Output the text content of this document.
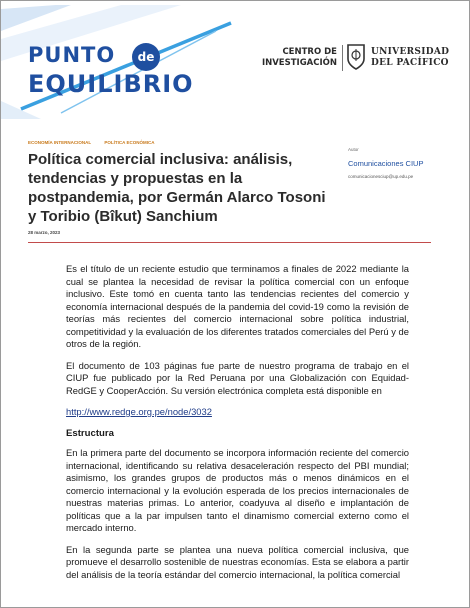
PUNTO	de
EQUILIBRIO
CENTRO DE
INVESTIGACIÓN
UNIVERSIDAD
DEL PACÍFICO
ECONOMÍA INTERNACIONAL	POLÍTICA ECONÓMICA
Política comercial inclusiva: análisis, tendencias y propuestas en la postpandemia, por Germán Alarco Tosoni y Toribio (Bîkut) Sanchium
28 marzo, 2023
Autor
Comunicaciones CIUP
comunicacionesciup@up.edu.pe

Es el título de un reciente estudio que terminamos a finales de 2022 mediante la cual se plantea la necesidad de revisar la política comercial con un enfoque inclusivo. Este tomó en cuenta tanto las tendencias recientes del comercio y economía internacional después de la pandemia del covid-19 como la revisión de teorías más recientes del comercio internacional sobre política industrial, competitividad y la evaluación de los diferentes tratados comerciales del Perú y de otros de la región.

El documento de 103 páginas fue parte de nuestro programa de trabajo en el CIUP fue publicado por la Red Peruana por una Globalización con Equidad- RedGE y CooperAcción. Su versión electrónica completa está disponible en

http://www.redge.org.pe/node/3032

Estructura

En la primera parte del documento se incorpora información reciente del comercio internacional, identificando su relativa desaceleración respecto del PBI mundial; asimismo, los grandes grupos de productos más o menos dinámicos en el comercio internacional y la evolución esperada de los precios internacionales de nuestras materias primas. Lo anterior, coadyuva al diseño e implantación de políticas que a la par impulsen tanto el dinamismo comercial externo como el mercado interno.

En la segunda parte se plantea una nueva política comercial inclusiva, que promueve el desarrollo sostenible de nuestras economías. Esta se elabora a partir del análisis de la teoría estándar del comercio internacional, la política comercial
